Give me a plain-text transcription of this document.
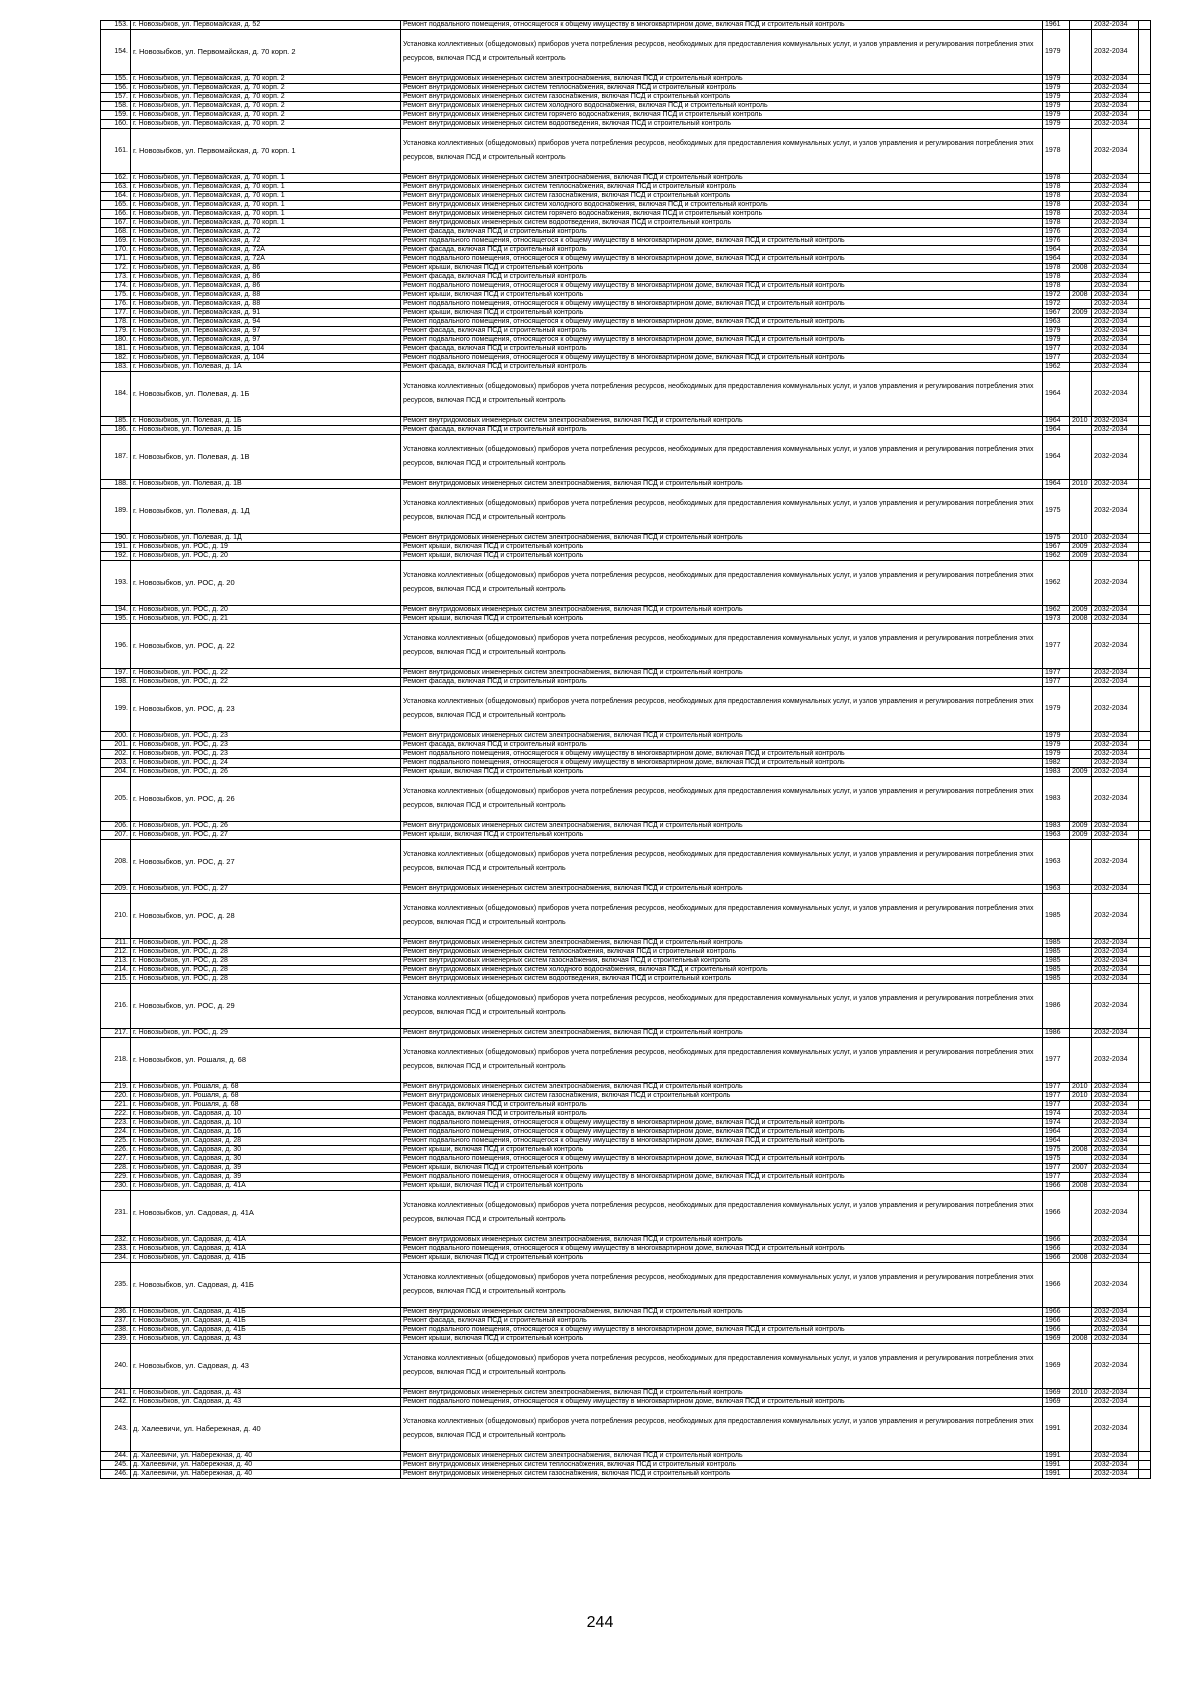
153.	г. Новозыбков, ул. Первомайская, д. 52	Ремонт подвального помещения, относящегося к общему имуществу в многоквартирном доме, включая ПСД и строительный контроль	1961		2032-2034	
154.	г. Новозыбков, ул. Первомайская, д. 70 корп. 2	Установка коллективных (общедомовых) приборов учета потребления ресурсов, необходимых для предоставления коммунальных услуг, и узлов управления и регулирования потребления этих ресурсов, включая ПСД и строительный контроль	1979		2032-2034	
155.	г. Новозыбков, ул. Первомайская, д. 70 корп. 2	Ремонт внутридомовых инженерных систем электроснабжения, включая ПСД и строительный контроль	1979		2032-2034	
156.	г. Новозыбков, ул. Первомайская, д. 70 корп. 2	Ремонт внутридомовых инженерных систем теплоснабжения, включая ПСД и строительный контроль	1979		2032-2034	
157.	г. Новозыбков, ул. Первомайская, д. 70 корп. 2	Ремонт внутридомовых инженерных систем газоснабжения, включая ПСД и строительный контроль	1979		2032-2034	
158.	г. Новозыбков, ул. Первомайская, д. 70 корп. 2	Ремонт внутридомовых инженерных систем холодного водоснабжения, включая ПСД и строительный контроль	1979		2032-2034	
159.	г. Новозыбков, ул. Первомайская, д. 70 корп. 2	Ремонт внутридомовых инженерных систем горячего водоснабжения, включая ПСД и строительный контроль	1979		2032-2034	
160.	г. Новозыбков, ул. Первомайская, д. 70 корп. 2	Ремонт внутридомовых инженерных систем водоотведения, включая ПСД и строительный контроль	1979		2032-2034	
161.	г. Новозыбков, ул. Первомайская, д. 70 корп. 1	Установка коллективных (общедомовых) приборов учета потребления ресурсов, необходимых для предоставления коммунальных услуг, и узлов управления и регулирования потребления этих ресурсов, включая ПСД и строительный контроль	1978		2032-2034	
162.	г. Новозыбков, ул. Первомайская, д. 70 корп. 1	Ремонт внутридомовых инженерных систем электроснабжения, включая ПСД и строительный контроль	1978		2032-2034	
163.	г. Новозыбков, ул. Первомайская, д. 70 корп. 1	Ремонт внутридомовых инженерных систем теплоснабжения, включая ПСД и строительный контроль	1978		2032-2034	
164.	г. Новозыбков, ул. Первомайская, д. 70 корп. 1	Ремонт внутридомовых инженерных систем газоснабжения, включая ПСД и строительный контроль	1978		2032-2034	
165.	г. Новозыбков, ул. Первомайская, д. 70 корп. 1	Ремонт внутридомовых инженерных систем холодного водоснабжения, включая ПСД и строительный контроль	1978		2032-2034	
166.	г. Новозыбков, ул. Первомайская, д. 70 корп. 1	Ремонт внутридомовых инженерных систем горячего водоснабжения, включая ПСД и строительный контроль	1978		2032-2034	
167.	г. Новозыбков, ул. Первомайская, д. 70 корп. 1	Ремонт внутридомовых инженерных систем водоотведения, включая ПСД и строительный контроль	1978		2032-2034	
168.	г. Новозыбков, ул. Первомайская, д. 72	Ремонт фасада, включая ПСД и строительный контроль	1976		2032-2034	
169.	г. Новозыбков, ул. Первомайская, д. 72	Ремонт подвального помещения, относящегося к общему имуществу в многоквартирном доме, включая ПСД и строительный контроль	1976		2032-2034	
170.	г. Новозыбков, ул. Первомайская, д. 72А	Ремонт фасада, включая ПСД и строительный контроль	1964		2032-2034	
171.	г. Новозыбков, ул. Первомайская, д. 72А	Ремонт подвального помещения, относящегося к общему имуществу в многоквартирном доме, включая ПСД и строительный контроль	1964		2032-2034	
172.	г. Новозыбков, ул. Первомайская, д. 86	Ремонт крыши, включая ПСД и строительный контроль	1978	2008	2032-2034	
173.	г. Новозыбков, ул. Первомайская, д. 86	Ремонт фасада, включая ПСД и строительный контроль	1978		2032-2034	
174.	г. Новозыбков, ул. Первомайская, д. 86	Ремонт подвального помещения, относящегося к общему имуществу в многоквартирном доме, включая ПСД и строительный контроль	1978		2032-2034	
175.	г. Новозыбков, ул. Первомайская, д. 88	Ремонт крыши, включая ПСД и строительный контроль	1972	2008	2032-2034	
176.	г. Новозыбков, ул. Первомайская, д. 88	Ремонт подвального помещения, относящегося к общему имуществу в многоквартирном доме, включая ПСД и строительный контроль	1972		2032-2034	
177.	г. Новозыбков, ул. Первомайская, д. 91	Ремонт крыши, включая ПСД и строительный контроль	1967	2009	2032-2034	
178.	г. Новозыбков, ул. Первомайская, д. 94	Ремонт подвального помещения, относящегося к общему имуществу в многоквартирном доме, включая ПСД и строительный контроль	1963		2032-2034	
179.	г. Новозыбков, ул. Первомайская, д. 97	Ремонт фасада, включая ПСД и строительный контроль	1979		2032-2034	
180.	г. Новозыбков, ул. Первомайская, д. 97	Ремонт подвального помещения, относящегося к общему имуществу в многоквартирном доме, включая ПСД и строительный контроль	1979		2032-2034	
181.	г. Новозыбков, ул. Первомайская, д. 104	Ремонт фасада, включая ПСД и строительный контроль	1977		2032-2034	
182.	г. Новозыбков, ул. Первомайская, д. 104	Ремонт подвального помещения, относящегося к общему имуществу в многоквартирном доме, включая ПСД и строительный контроль	1977		2032-2034	
183.	г. Новозыбков, ул. Полевая, д. 1А	Ремонт фасада, включая ПСД и строительный контроль	1962		2032-2034	
184.	г. Новозыбков, ул. Полевая, д. 1Б	Установка коллективных (общедомовых) приборов учета потребления ресурсов, необходимых для предоставления коммунальных услуг, и узлов управления и регулирования потребления этих ресурсов, включая ПСД и строительный контроль	1964		2032-2034	
185.	г. Новозыбков, ул. Полевая, д. 1Б	Ремонт внутридомовых инженерных систем электроснабжения, включая ПСД и строительный контроль	1964	2010	2032-2034	
186.	г. Новозыбков, ул. Полевая, д. 1Б	Ремонт фасада, включая ПСД и строительный контроль	1964		2032-2034	
187.	г. Новозыбков, ул. Полевая, д. 1В	Установка коллективных (общедомовых) приборов учета потребления ресурсов, необходимых для предоставления коммунальных услуг, и узлов управления и регулирования потребления этих ресурсов, включая ПСД и строительный контроль	1964		2032-2034	
188.	г. Новозыбков, ул. Полевая, д. 1В	Ремонт внутридомовых инженерных систем электроснабжения, включая ПСД и строительный контроль	1964	2010	2032-2034	
189.	г. Новозыбков, ул. Полевая, д. 1Д	Установка коллективных (общедомовых) приборов учета потребления ресурсов, необходимых для предоставления коммунальных услуг, и узлов управления и регулирования потребления этих ресурсов, включая ПСД и строительный контроль	1975		2032-2034	
190.	г. Новозыбков, ул. Полевая, д. 1Д	Ремонт внутридомовых инженерных систем электроснабжения, включая ПСД и строительный контроль	1975	2010	2032-2034	
191.	г. Новозыбков, ул. РОС, д. 19	Ремонт крыши, включая ПСД и строительный контроль	1967	2009	2032-2034	
192.	г. Новозыбков, ул. РОС, д. 20	Ремонт крыши, включая ПСД и строительный контроль	1962	2009	2032-2034	
193.	г. Новозыбков, ул. РОС, д. 20	Установка коллективных (общедомовых) приборов учета потребления ресурсов, необходимых для предоставления коммунальных услуг, и узлов управления и регулирования потребления этих ресурсов, включая ПСД и строительный контроль	1962		2032-2034	
194.	г. Новозыбков, ул. РОС, д. 20	Ремонт внутридомовых инженерных систем электроснабжения, включая ПСД и строительный контроль	1962	2009	2032-2034	
195.	г. Новозыбков, ул. РОС, д. 21	Ремонт крыши, включая ПСД и строительный контроль	1973	2008	2032-2034	
196.	г. Новозыбков, ул. РОС, д. 22	Установка коллективных (общедомовых) приборов учета потребления ресурсов, необходимых для предоставления коммунальных услуг, и узлов управления и регулирования потребления этих ресурсов, включая ПСД и строительный контроль	1977		2032-2034	
197.	г. Новозыбков, ул. РОС, д. 22	Ремонт внутридомовых инженерных систем электроснабжения, включая ПСД и строительный контроль	1977		2032-2034	
198.	г. Новозыбков, ул. РОС, д. 22	Ремонт фасада, включая ПСД и строительный контроль	1977		2032-2034	
199.	г. Новозыбков, ул. РОС, д. 23	Установка коллективных (общедомовых) приборов учета потребления ресурсов, необходимых для предоставления коммунальных услуг, и узлов управления и регулирования потребления этих ресурсов, включая ПСД и строительный контроль	1979		2032-2034	
200.	г. Новозыбков, ул. РОС, д. 23	Ремонт внутридомовых инженерных систем электроснабжения, включая ПСД и строительный контроль	1979		2032-2034	
201.	г. Новозыбков, ул. РОС, д. 23	Ремонт фасада, включая ПСД и строительный контроль	1979		2032-2034	
202.	г. Новозыбков, ул. РОС, д. 23	Ремонт подвального помещения, относящегося к общему имуществу в многоквартирном доме, включая ПСД и строительный контроль	1979		2032-2034	
203.	г. Новозыбков, ул. РОС, д. 24	Ремонт подвального помещения, относящегося к общему имуществу в многоквартирном доме, включая ПСД и строительный контроль	1982		2032-2034	
204.	г. Новозыбков, ул. РОС, д. 26	Ремонт крыши, включая ПСД и строительный контроль	1983	2009	2032-2034	
205.	г. Новозыбков, ул. РОС, д. 26	Установка коллективных (общедомовых) приборов учета потребления ресурсов, необходимых для предоставления коммунальных услуг, и узлов управления и регулирования потребления этих ресурсов, включая ПСД и строительный контроль	1983		2032-2034	
206.	г. Новозыбков, ул. РОС, д. 26	Ремонт внутридомовых инженерных систем электроснабжения, включая ПСД и строительный контроль	1983	2009	2032-2034	
207.	г. Новозыбков, ул. РОС, д. 27	Ремонт крыши, включая ПСД и строительный контроль	1963	2009	2032-2034	
208.	г. Новозыбков, ул. РОС, д. 27	Установка коллективных (общедомовых) приборов учета потребления ресурсов, необходимых для предоставления коммунальных услуг, и узлов управления и регулирования потребления этих ресурсов, включая ПСД и строительный контроль	1963		2032-2034	
209.	г. Новозыбков, ул. РОС, д. 27	Ремонт внутридомовых инженерных систем электроснабжения, включая ПСД и строительный контроль	1963		2032-2034	
210.	г. Новозыбков, ул. РОС, д. 28	Установка коллективных (общедомовых) приборов учета потребления ресурсов, необходимых для предоставления коммунальных услуг, и узлов управления и регулирования потребления этих ресурсов, включая ПСД и строительный контроль	1985		2032-2034	
211.	г. Новозыбков, ул. РОС, д. 28	Ремонт внутридомовых инженерных систем электроснабжения, включая ПСД и строительный контроль	1985		2032-2034	
212.	г. Новозыбков, ул. РОС, д. 28	Ремонт внутридомовых инженерных систем теплоснабжения, включая ПСД и строительный контроль	1985		2032-2034	
213.	г. Новозыбков, ул. РОС, д. 28	Ремонт внутридомовых инженерных систем газоснабжения, включая ПСД и строительный контроль	1985		2032-2034	
214.	г. Новозыбков, ул. РОС, д. 28	Ремонт внутридомовых инженерных систем холодного водоснабжения, включая ПСД и строительный контроль	1985		2032-2034	
215.	г. Новозыбков, ул. РОС, д. 28	Ремонт внутридомовых инженерных систем водоотведения, включая ПСД и строительный контроль	1985		2032-2034	
216.	г. Новозыбков, ул. РОС, д. 29	Установка коллективных (общедомовых) приборов учета потребления ресурсов, необходимых для предоставления коммунальных услуг, и узлов управления и регулирования потребления этих ресурсов, включая ПСД и строительный контроль	1986		2032-2034	
217.	г. Новозыбков, ул. РОС, д. 29	Ремонт внутридомовых инженерных систем электроснабжения, включая ПСД и строительный контроль	1986		2032-2034	
218.	г. Новозыбков, ул. Рошаля, д. 68	Установка коллективных (общедомовых) приборов учета потребления ресурсов, необходимых для предоставления коммунальных услуг, и узлов управления и регулирования потребления этих ресурсов, включая ПСД и строительный контроль	1977		2032-2034	
219.	г. Новозыбков, ул. Рошаля, д. 68	Ремонт внутридомовых инженерных систем электроснабжения, включая ПСД и строительный контроль	1977	2010	2032-2034	
220.	г. Новозыбков, ул. Рошаля, д. 68	Ремонт внутридомовых инженерных систем газоснабжения, включая ПСД и строительный контроль	1977	2010	2032-2034	
221.	г. Новозыбков, ул. Рошаля, д. 68	Ремонт фасада, включая ПСД и строительный контроль	1977		2032-2034	
222.	г. Новозыбков, ул. Садовая, д. 10	Ремонт фасада, включая ПСД и строительный контроль	1974		2032-2034	
223.	г. Новозыбков, ул. Садовая, д. 10	Ремонт подвального помещения, относящегося к общему имуществу в многоквартирном доме, включая ПСД и строительный контроль	1974		2032-2034	
224.	г. Новозыбков, ул. Садовая, д. 16	Ремонт подвального помещения, относящегося к общему имуществу в многоквартирном доме, включая ПСД и строительный контроль	1964		2032-2034	
225.	г. Новозыбков, ул. Садовая, д. 28	Ремонт подвального помещения, относящегося к общему имуществу в многоквартирном доме, включая ПСД и строительный контроль	1964		2032-2034	
226.	г. Новозыбков, ул. Садовая, д. 30	Ремонт крыши, включая ПСД и строительный контроль	1975	2008	2032-2034	
227.	г. Новозыбков, ул. Садовая, д. 30	Ремонт подвального помещения, относящегося к общему имуществу в многоквартирном доме, включая ПСД и строительный контроль	1975		2032-2034	
228.	г. Новозыбков, ул. Садовая, д. 39	Ремонт крыши, включая ПСД и строительный контроль	1977	2007	2032-2034	
229.	г. Новозыбков, ул. Садовая, д. 39	Ремонт подвального помещения, относящегося к общему имуществу в многоквартирном доме, включая ПСД и строительный контроль	1977		2032-2034	
230.	г. Новозыбков, ул. Садовая, д. 41А	Ремонт крыши, включая ПСД и строительный контроль	1966	2008	2032-2034	
231.	г. Новозыбков, ул. Садовая, д. 41А	Установка коллективных (общедомовых) приборов учета потребления ресурсов, необходимых для предоставления коммунальных услуг, и узлов управления и регулирования потребления этих ресурсов, включая ПСД и строительный контроль	1966		2032-2034	
232.	г. Новозыбков, ул. Садовая, д. 41А	Ремонт внутридомовых инженерных систем электроснабжения, включая ПСД и строительный контроль	1966		2032-2034	
233.	г. Новозыбков, ул. Садовая, д. 41А	Ремонт подвального помещения, относящегося к общему имуществу в многоквартирном доме, включая ПСД и строительный контроль	1966		2032-2034	
234.	г. Новозыбков, ул. Садовая, д. 41Б	Ремонт крыши, включая ПСД и строительный контроль	1966	2008	2032-2034	
235.	г. Новозыбков, ул. Садовая, д. 41Б	Установка коллективных (общедомовых) приборов учета потребления ресурсов, необходимых для предоставления коммунальных услуг, и узлов управления и регулирования потребления этих ресурсов, включая ПСД и строительный контроль	1966		2032-2034	
236.	г. Новозыбков, ул. Садовая, д. 41Б	Ремонт внутридомовых инженерных систем электроснабжения, включая ПСД и строительный контроль	1966		2032-2034	
237.	г. Новозыбков, ул. Садовая, д. 41Б	Ремонт фасада, включая ПСД и строительный контроль	1966		2032-2034	
238.	г. Новозыбков, ул. Садовая, д. 41Б	Ремонт подвального помещения, относящегося к общему имуществу в многоквартирном доме, включая ПСД и строительный контроль	1966		2032-2034	
239.	г. Новозыбков, ул. Садовая, д. 43	Ремонт крыши, включая ПСД и строительный контроль	1969	2008	2032-2034	
240.	г. Новозыбков, ул. Садовая, д. 43	Установка коллективных (общедомовых) приборов учета потребления ресурсов, необходимых для предоставления коммунальных услуг, и узлов управления и регулирования потребления этих ресурсов, включая ПСД и строительный контроль	1969		2032-2034	
241.	г. Новозыбков, ул. Садовая, д. 43	Ремонт внутридомовых инженерных систем электроснабжения, включая ПСД и строительный контроль	1969	2010	2032-2034	
242.	г. Новозыбков, ул. Садовая, д. 43	Ремонт подвального помещения, относящегося к общему имуществу в многоквартирном доме, включая ПСД и строительный контроль	1969		2032-2034	
243.	д. Халеевичи, ул. Набережная, д. 40	Установка коллективных (общедомовых) приборов учета потребления ресурсов, необходимых для предоставления коммунальных услуг, и узлов управления и регулирования потребления этих ресурсов, включая ПСД и строительный контроль	1991		2032-2034	
244.	д. Халеевичи, ул. Набережная, д. 40	Ремонт внутридомовых инженерных систем электроснабжения, включая ПСД и строительный контроль	1991		2032-2034	
245.	д. Халеевичи, ул. Набережная, д. 40	Ремонт внутридомовых инженерных систем теплоснабжения, включая ПСД и строительный контроль	1991		2032-2034	
246.	д. Халеевичи, ул. Набережная, д. 40	Ремонт внутридомовых инженерных систем газоснабжения, включая ПСД и строительный контроль	1991		2032-2034	
244
